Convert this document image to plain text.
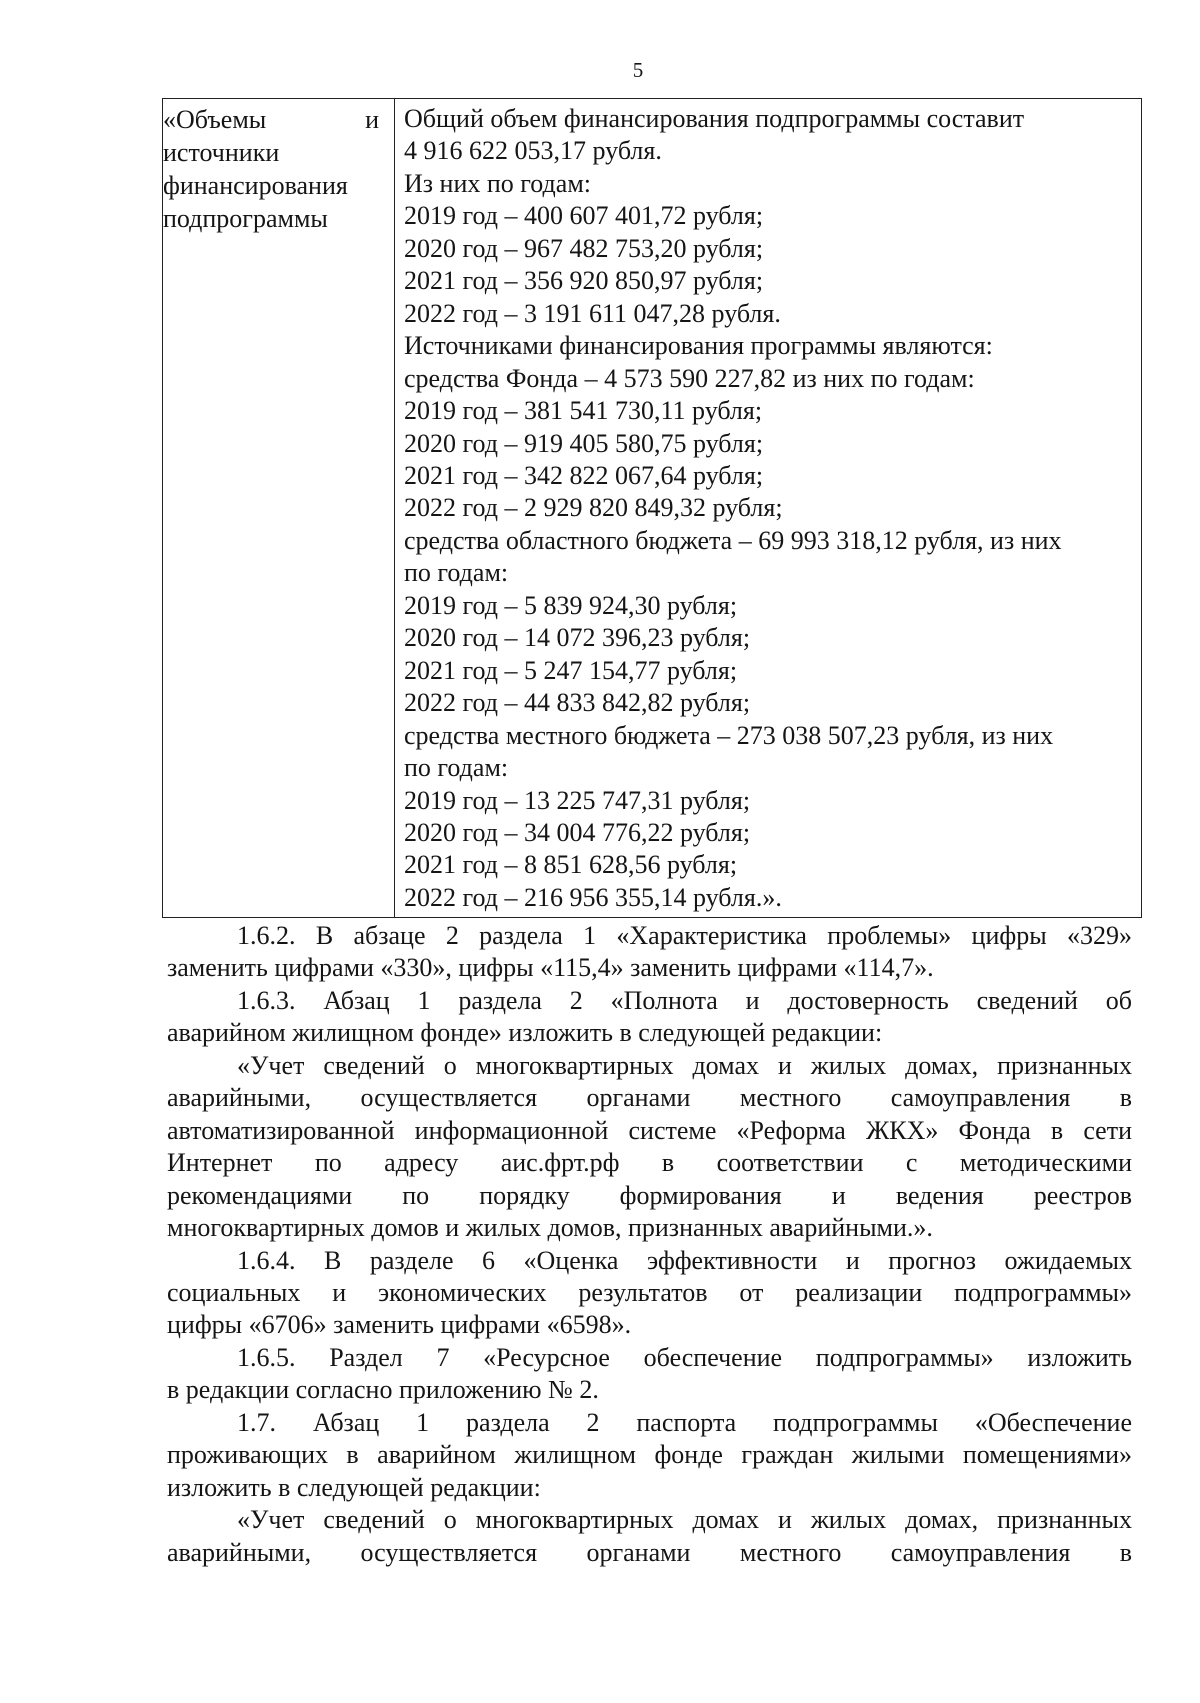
5
«Объемы	и
источники
финансирования
подпрограммы
Общий объем финансирования подпрограммы составит
4 916 622 053,17 рубля.
Из них по годам:
2019 год – 400 607 401,72 рубля;
2020 год – 967 482 753,20 рубля;
2021 год – 356 920 850,97 рубля;
2022 год – 3 191 611 047,28 рубля.
Источниками финансирования программы являются:
средства Фонда – 4 573 590 227,82 из них по годам:
2019 год – 381 541 730,11 рубля;
2020 год – 919 405 580,75 рубля;
2021 год – 342 822 067,64 рубля;
2022 год – 2 929 820 849,32 рубля;
средства областного бюджета – 69 993 318,12 рубля, из них
по годам:
2019 год – 5 839 924,30 рубля;
2020 год – 14 072 396,23 рубля;
2021 год – 5 247 154,77 рубля;
2022 год – 44 833 842,82 рубля;
средства местного бюджета – 273 038 507,23 рубля, из них
по годам:
2019 год – 13 225 747,31 рубля;
2020 год – 34 004 776,22 рубля;
2021 год – 8 851 628,56 рубля;
2022 год – 216 956 355,14 рубля.».
1.6.2. В абзаце 2 раздела 1 «Характеристика проблемы» цифры «329»
заменить цифрами «330», цифры «115,4» заменить цифрами «114,7».
1.6.3. Абзац 1 раздела 2 «Полнота и достоверность сведений об
аварийном жилищном фонде» изложить в следующей редакции:
«Учет сведений о многоквартирных домах и жилых домах, признанных
аварийными, осуществляется органами местного самоуправления в
автоматизированной информационной системе «Реформа ЖКХ» Фонда в сети
Интернет по адресу аис.фрт.рф в соответствии с методическими
рекомендациями по порядку формирования и ведения реестров
многоквартирных домов и жилых домов, признанных аварийными.».
1.6.4. В разделе 6 «Оценка эффективности и прогноз ожидаемых
социальных и экономических результатов от реализации подпрограммы»
цифры «6706» заменить цифрами «6598».
1.6.5. Раздел 7 «Ресурсное обеспечение подпрограммы» изложить
в редакции согласно приложению № 2.
1.7. Абзац 1 раздела 2 паспорта подпрограммы «Обеспечение
проживающих в аварийном жилищном фонде граждан жилыми помещениями»
изложить в следующей редакции:
«Учет сведений о многоквартирных домах и жилых домах, признанных
аварийными, осуществляется органами местного самоуправления в
